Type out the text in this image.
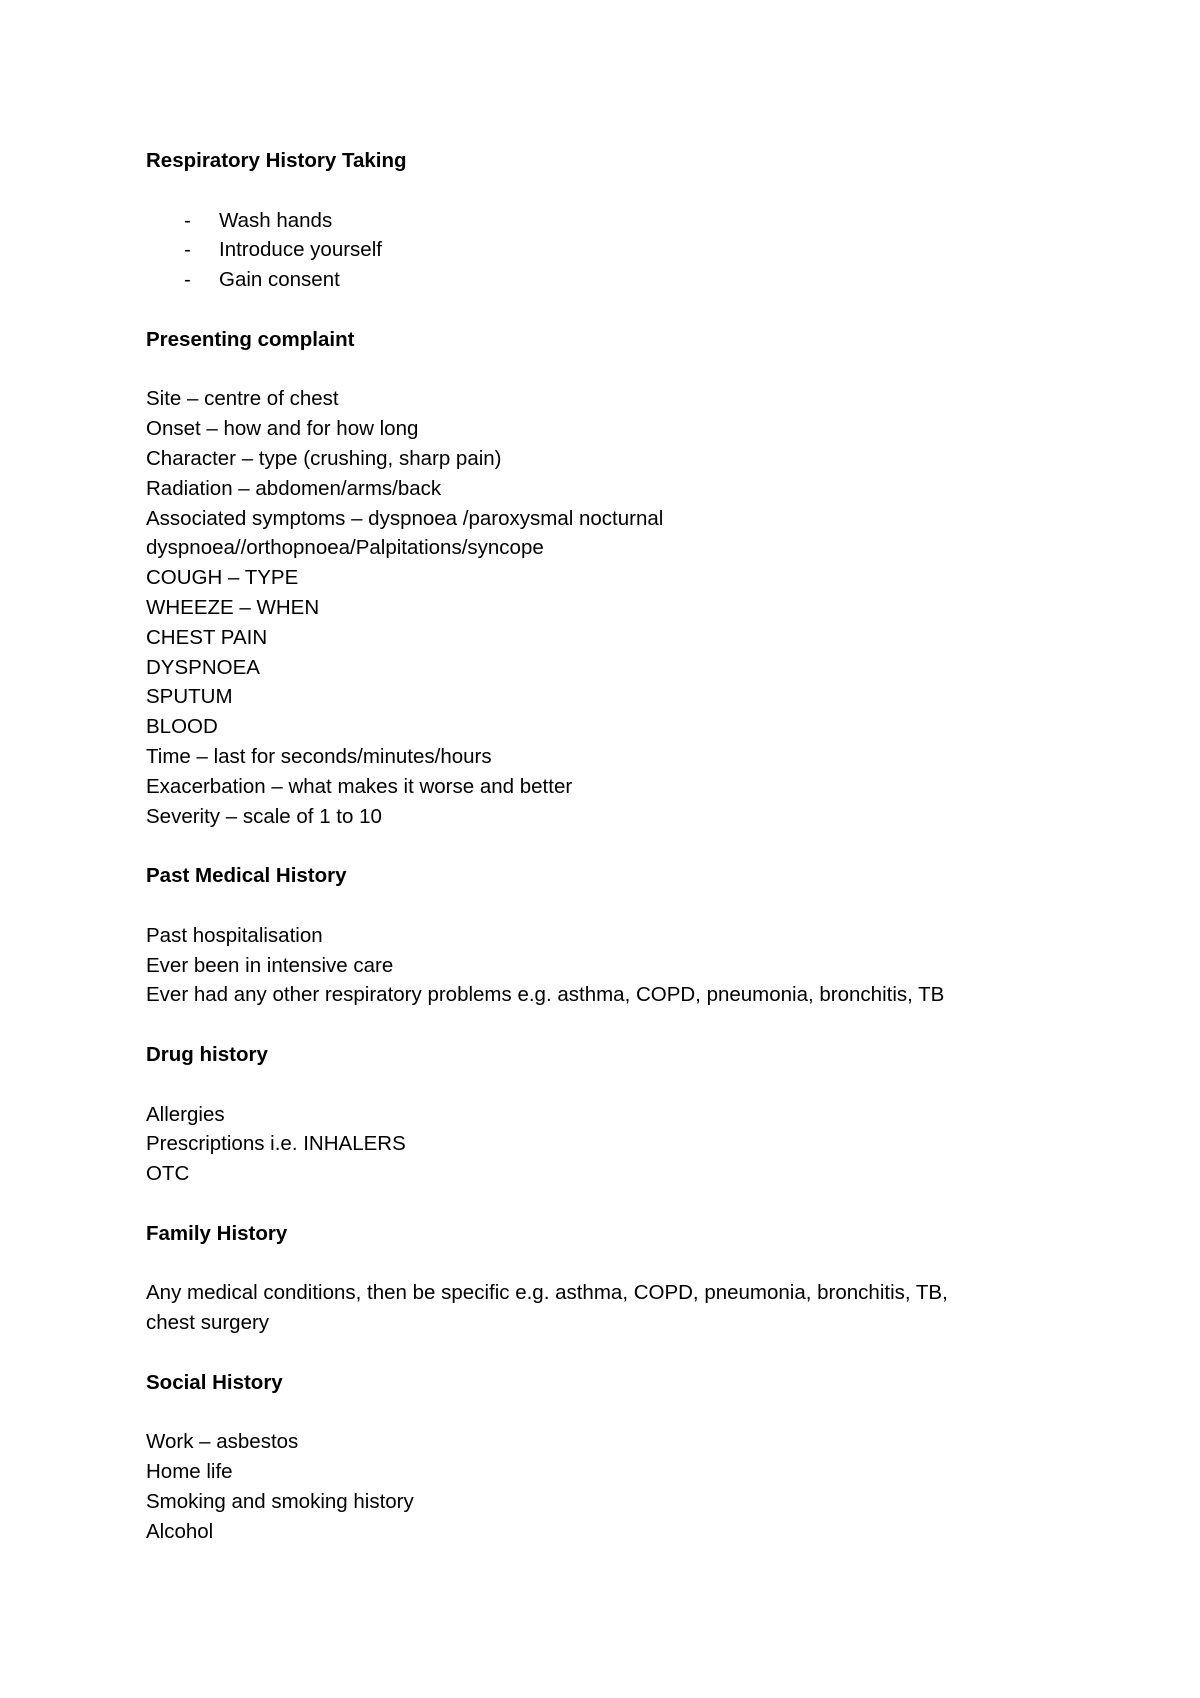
Respiratory History Taking
- Wash hands
- Introduce yourself
- Gain consent
Presenting complaint
Site – centre of chest
Onset – how and for how long
Character – type (crushing, sharp pain)
Radiation – abdomen/arms/back
Associated symptoms – dyspnoea /paroxysmal nocturnal
dyspnoea//orthopnoea/Palpitations/syncope
COUGH – TYPE
WHEEZE – WHEN
CHEST PAIN
DYSPNOEA
SPUTUM
BLOOD
Time – last for seconds/minutes/hours
Exacerbation – what makes it worse and better
Severity – scale of 1 to 10
Past Medical History
Past hospitalisation
Ever been in intensive care
Ever had any other respiratory problems e.g. asthma, COPD, pneumonia, bronchitis, TB
Drug history
Allergies
Prescriptions i.e. INHALERS
OTC
Family History
Any medical conditions, then be specific e.g. asthma, COPD, pneumonia, bronchitis, TB,
chest surgery
Social History
Work – asbestos
Home life
Smoking and smoking history
Alcohol
